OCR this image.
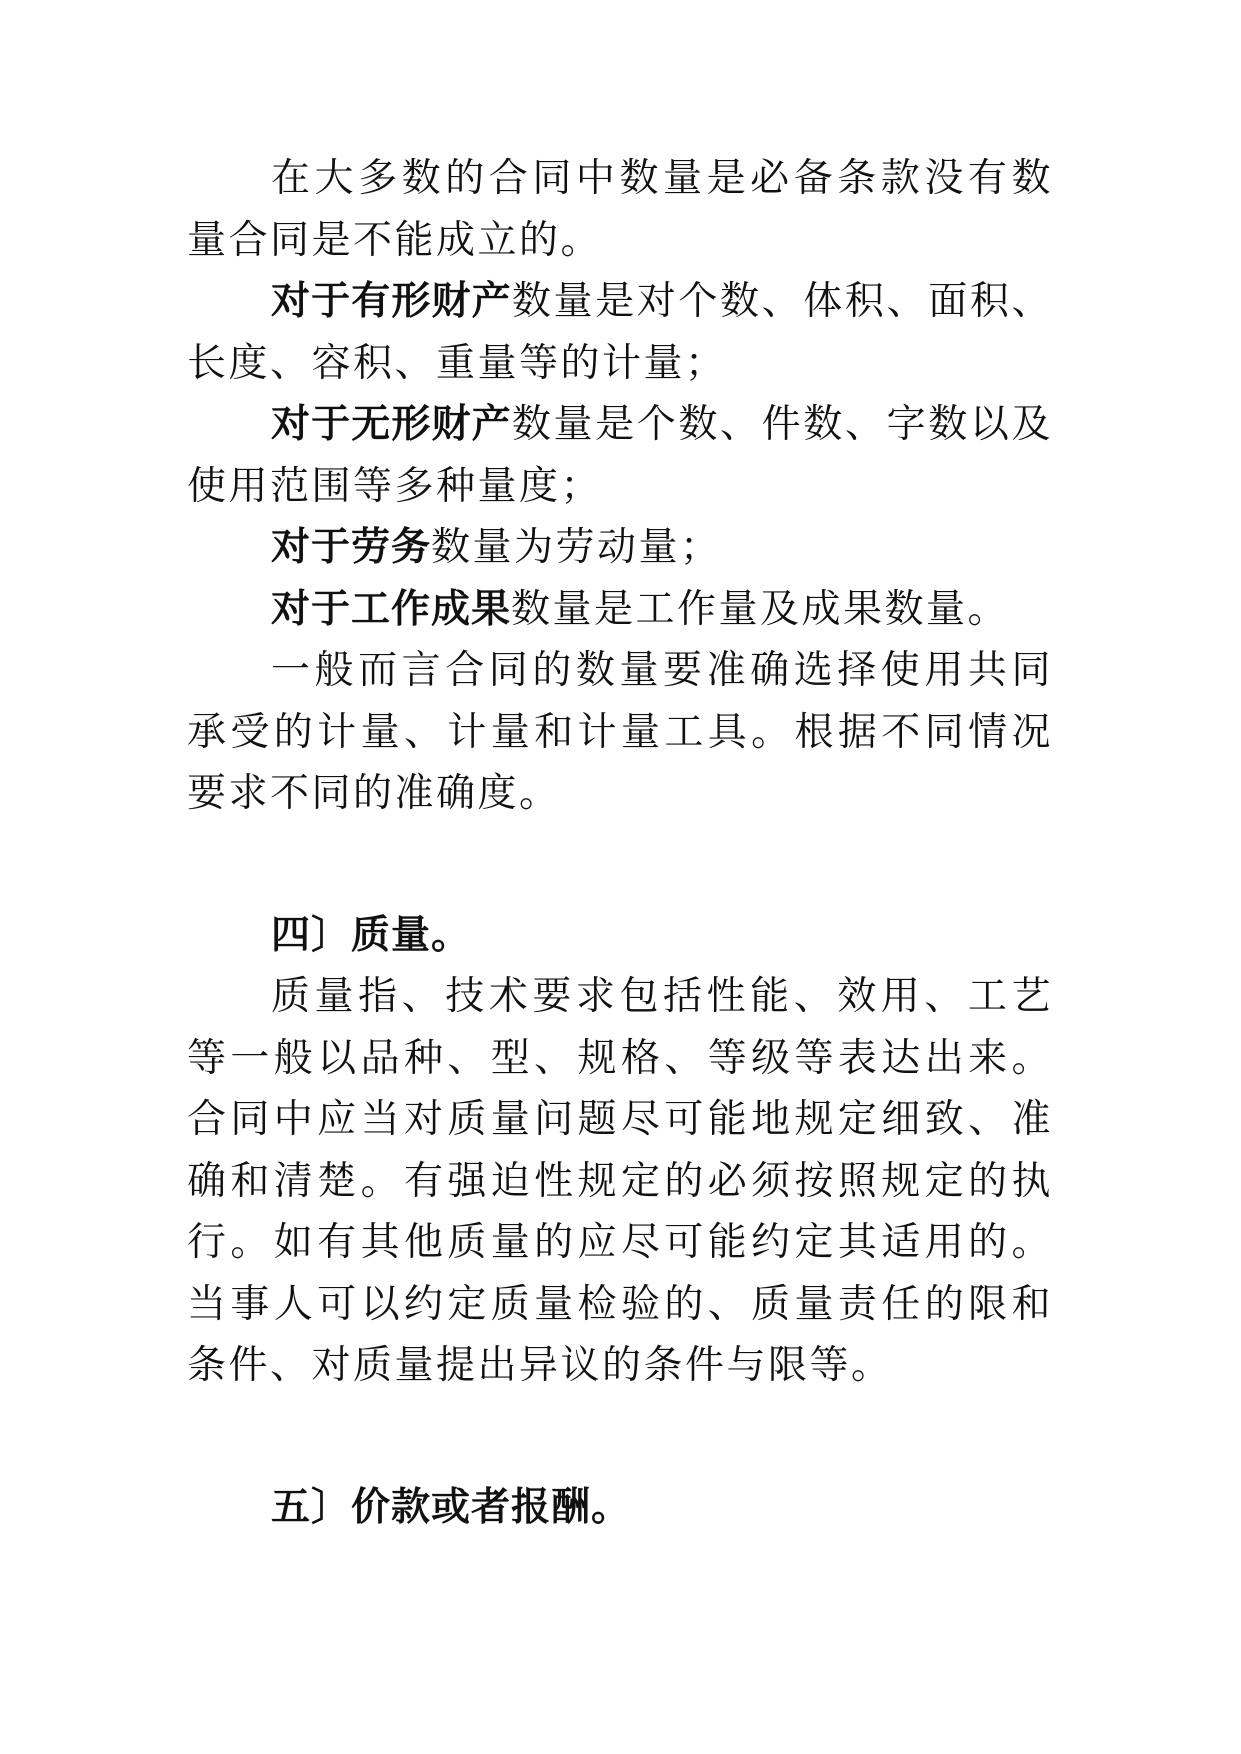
在大多数的合同中数量是必备条款没有数量合同是不能成立的。

对于有形财产数量是对个数、体积、面积、长度、容积、重量等的计量；

对于无形财产数量是个数、件数、字数以及使用范围等多种量度；

对于劳务数量为劳动量；

对于工作成果数量是工作量及成果数量。

一般而言合同的数量要准确选择使用共同承受的计量、计量和计量工具。根据不同情况要求不同的准确度。

四〕质量。

质量指、技术要求包括性能、效用、工艺等一般以品种、型、规格、等级等表达出来。合同中应当对质量问题尽可能地规定细致、准确和清楚。有强迫性规定的必须按照规定的执行。如有其他质量的应尽可能约定其适用的。当事人可以约定质量检验的、质量责任的限和条件、对质量提出异议的条件与限等。

五〕价款或者报酬。
